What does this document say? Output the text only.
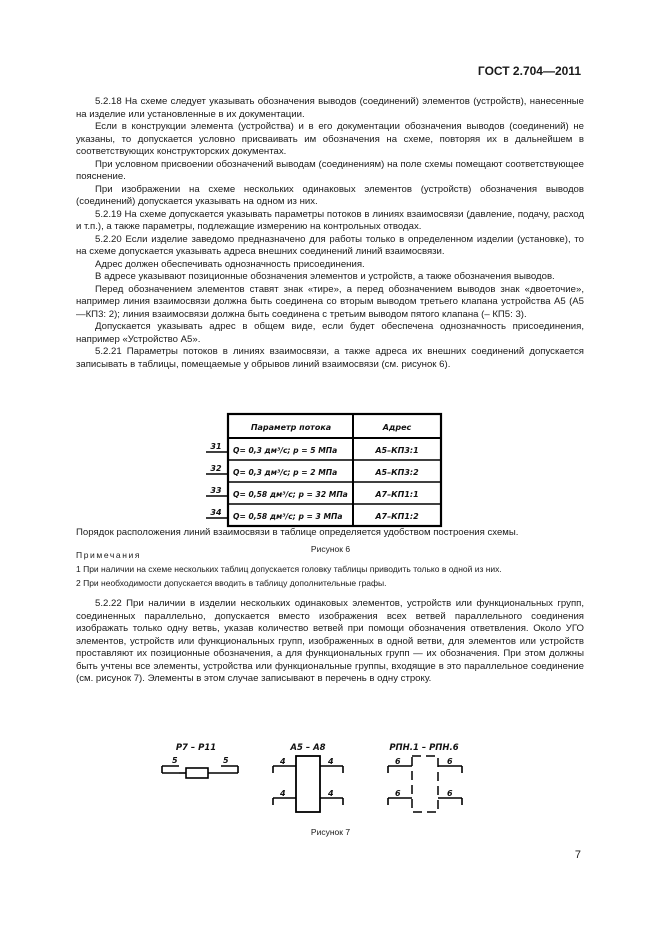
ГОСТ 2.704—2011

5.2.18 На схеме следует указывать обозначения выводов (соединений) элементов (устройств), нанесенные на изделие или установленные в их документации.

Если в конструкции элемента (устройства) и в его документации обозначения выводов (соединений) не указаны, то допускается условно присваивать им обозначения на схеме, повторяя их в дальнейшем в соответствующих конструкторских документах.

При условном присвоении обозначений выводам (соединениям) на поле схемы помещают соответствующее пояснение.

При изображении на схеме нескольких одинаковых элементов (устройств) обозначения выводов (соединений) допускается указывать на одном из них.

5.2.19 На схеме допускается указывать параметры потоков в линиях взаимосвязи (давление, подачу, расход и т.п.), а также параметры, подлежащие измерению на контрольных отводах.

5.2.20 Если изделие заведомо предназначено для работы только в определенном изделии (установке), то на схеме допускается указывать адреса внешних соединений линий взаимосвязи.

Адрес должен обеспечивать однозначность присоединения.

В адресе указывают позиционные обозначения элементов и устройств, а также обозначения выводов.

Перед обозначением элементов ставят знак «тире», а перед обозначением выводов знак «двоеточие», например линия взаимосвязи должна быть соединена со вторым выводом третьего клапана устройства А5 (А5—КП3: 2); линия взаимосвязи должна быть соединена с третьим выводом пятого клапана (– КП5: 3).

Допускается указывать адрес в общем виде, если будет обеспечена однозначность присоединения, например «Устройство А5».

5.2.21 Параметры потоков в линиях взаимосвязи, а также адреса их внешних соединений допускается записывать в таблицы, помещаемые у обрывов линий взаимосвязи (см. рисунок 6).

Порядок расположения линий взаимосвязи в таблице определяется удобством построения схемы.

Примечания

1 При наличии на схеме нескольких таблиц допускается головку таблицы приводить только в одной из них.

2 При необходимости допускается вводить в таблицу дополнительные графы.

5.2.22 При наличии в изделии нескольких одинаковых элементов, устройств или функциональных групп, соединенных параллельно, допускается вместо изображения всех ветвей параллельного соединения изображать только одну ветвь, указав количество ветвей при помощи обозначения ответвления. Около УГО элементов, устройств или функциональных групп, изображенных в одной ветви, для элементов или устройств проставляют их позиционные обозначения, а для функциональных групп — их обозначения. При этом должны быть учтены все элементы, устройства или функциональные группы, входящие в это параллельное соединение (см. рисунок 7). Элементы в этом случае записывают в перечень в одну строку.

Параметр потока	Адрес
31 Q= 0,3 дм³/с; р = 5 МПа	А5–КП3:1
32 Q= 0,3 дм³/с; р = 2 МПа	А5–КП3:2
33 Q= 0,58 дм³/с; р = 32 МПа	А7–КП1:1
34 Q= 0,58 дм³/с; р = 3 МПа	А7–КП1:2

Рисунок 6

Р7 – Р11
5	5
А5 – А8
4	4
4	4
РПН.1 – РПН.6
6	6
6	6

Рисунок 7

7
